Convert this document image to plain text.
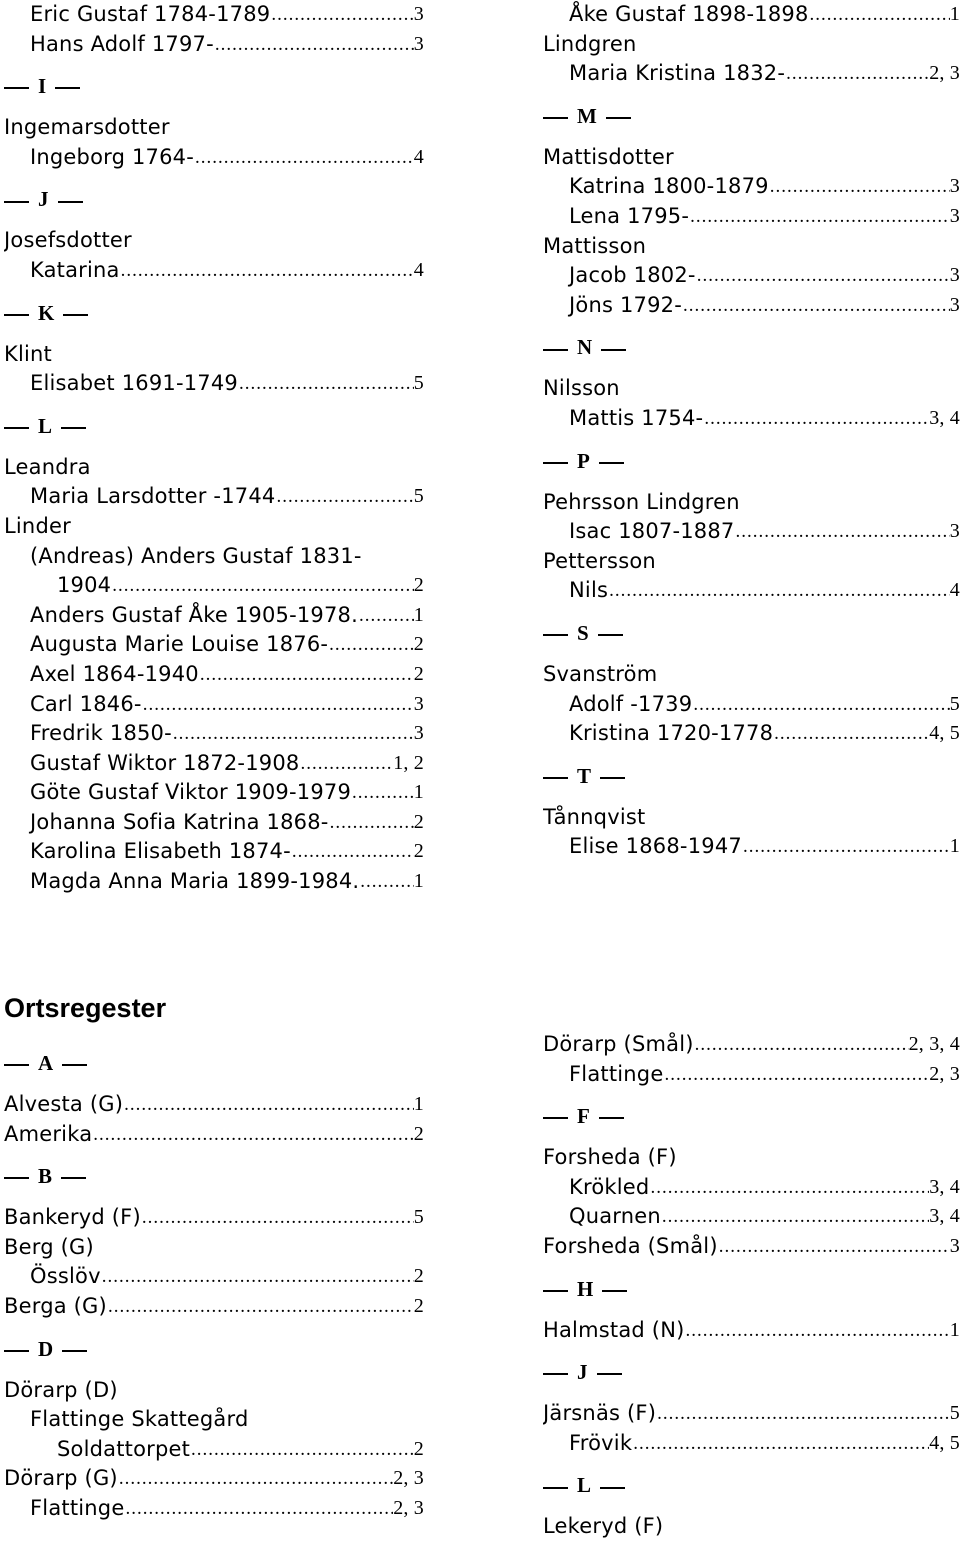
Eric Gustaf 1784-1789 .....	3
Hans Adolf 1797- .....	3
I
Ingemarsdotter
Ingeborg 1764- .....	4
J
Josefsdotter
Katarina .....	4
K
Klint
Elisabet 1691-1749 .....	5
L
Leandra
Maria Larsdotter -1744 .....	5
Linder
(Andreas) Anders Gustaf 1831-
1904 .....	2
Anders Gustaf Åke 1905-1978. .....	1
Augusta Marie Louise 1876- .....	2
Axel 1864-1940 .....	2
Carl 1846- .....	3
Fredrik 1850- .....	3
Gustaf Wiktor 1872-1908 .....	1, 2
Göte Gustaf Viktor 1909-1979 .....	1
Johanna Sofia Katrina 1868- .....	2
Karolina Elisabeth 1874- .....	2
Magda Anna Maria 1899-1984. .....	1
Åke Gustaf 1898-1898 .....	1
Lindgren
Maria Kristina 1832- .....	2, 3
M
Mattisdotter
Katrina 1800-1879 .....	3
Lena 1795- .....	3
Mattisson
Jacob 1802- .....	3
Jöns 1792- .....	3
N
Nilsson
Mattis 1754- .....	3, 4
P
Pehrsson Lindgren
Isac 1807-1887 .....	3
Pettersson
Nils .....	4
S
Svanström
Adolf -1739 .....	5
Kristina 1720-1778 .....	4, 5
T
Tånnqvist
Elise 1868-1947 .....	1
Ortsregester
A
Alvesta (G) .....	1
Amerika .....	2
B
Bankeryd (F) .....	5
Berg (G)
Össlöv .....	2
Berga (G) .....	2
D
Dörarp (D)
Flattinge Skattegård
Soldattorpet .....	2
Dörarp (G) .....	2, 3
Flattinge .....	2, 3
Dörarp (Smål) .....	2, 3, 4
Flattinge .....	2, 3
F
Forsheda (F)
Krökled .....	3, 4
Quarnen .....	3, 4
Forsheda (Smål) .....	3
H
Halmstad (N) .....	1
J
Järsnäs (F) .....	5
Frövik .....	4, 5
L
Lekeryd (F)
